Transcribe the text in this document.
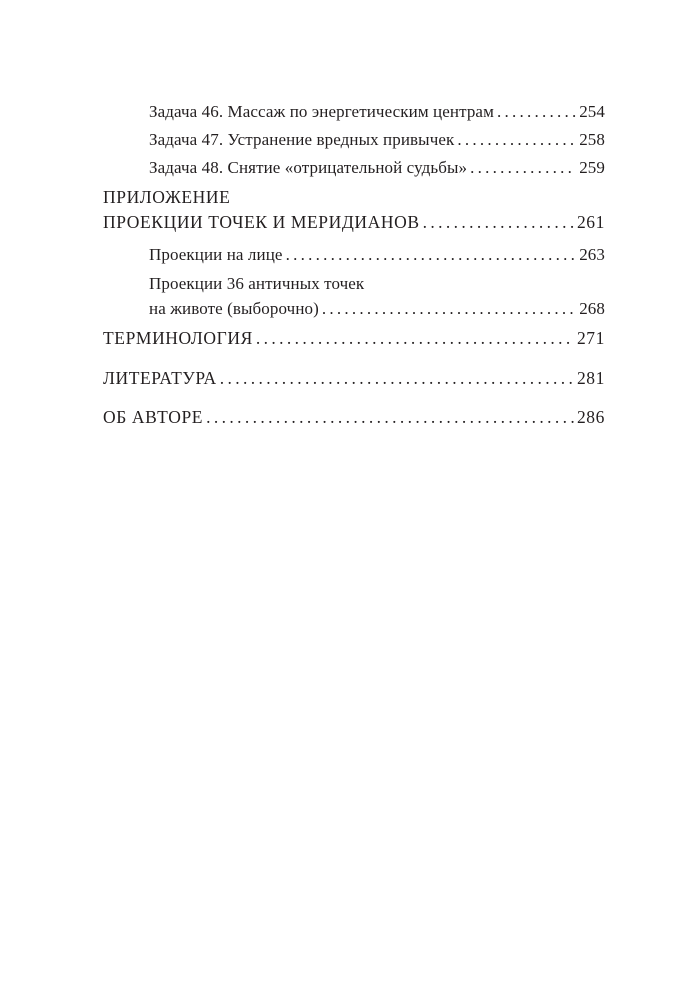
Задача 46. Массаж по энергетическим центрам . . .	254
Задача 47. Устранение вредных привычек . . .	258
Задача 48. Снятие «отрицательной судьбы» . . .	259
ПРИЛОЖЕНИЕ
ПРОЕКЦИИ ТОЧЕК И МЕРИДИАНОВ . . .	261
Проекции на лице . . .	263
Проекции 36 античных точек
на животе (выборочно) . . .	268
ТЕРМИНОЛОГИЯ . . .	271
ЛИТЕРАТУРА . . .	281
ОБ АВТОРЕ . . .	286
